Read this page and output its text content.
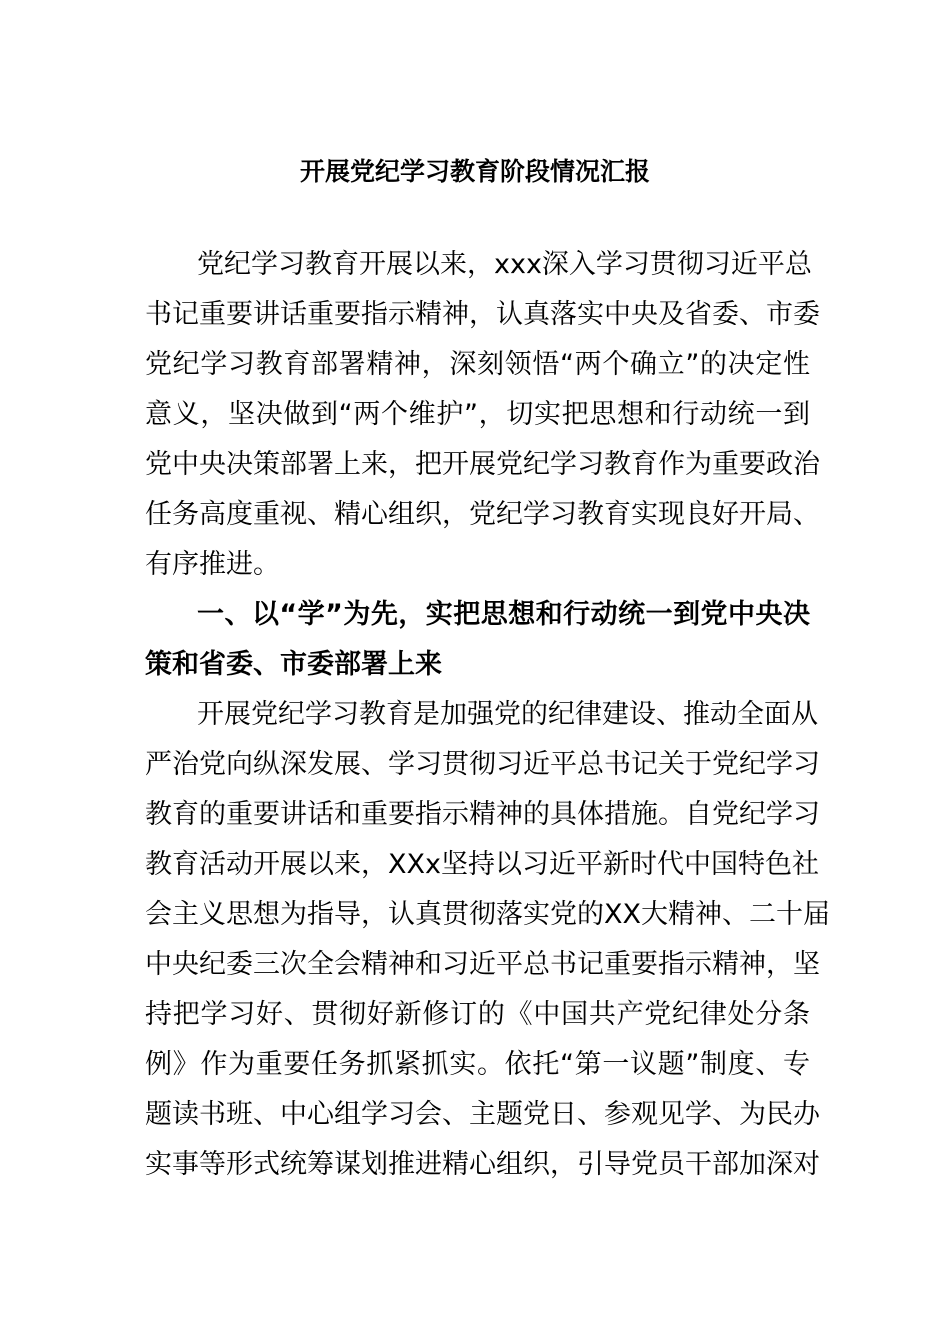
开展党纪学习教育阶段情况汇报
党纪学习教育开展以来，xxx深入学习贯彻习近平总
书记重要讲话重要指示精神，认真落实中央及省委、市委
党纪学习教育部署精神，深刻领悟“两个确立”的决定性
意义，坚决做到“两个维护”，切实把思想和行动统一到
党中央决策部署上来，把开展党纪学习教育作为重要政治
任务高度重视、精心组织，党纪学习教育实现良好开局、
有序推进。
一、以“学”为先，实把思想和行动统一到党中央决
策和省委、市委部署上来
开展党纪学习教育是加强党的纪律建设、推动全面从
严治党向纵深发展、学习贯彻习近平总书记关于党纪学习
教育的重要讲话和重要指示精神的具体措施。自党纪学习
教育活动开展以来，XXx坚持以习近平新时代中国特色社
会主义思想为指导，认真贯彻落实党的XX大精神、二十届
中央纪委三次全会精神和习近平总书记重要指示精神，坚
持把学习好、贯彻好新修订的《中国共产党纪律处分条
例》作为重要任务抓紧抓实。依托“第一议题”制度、专
题读书班、中心组学习会、主题党日、参观见学、为民办
实事等形式统筹谋划推进精心组织，引导党员干部加深对
